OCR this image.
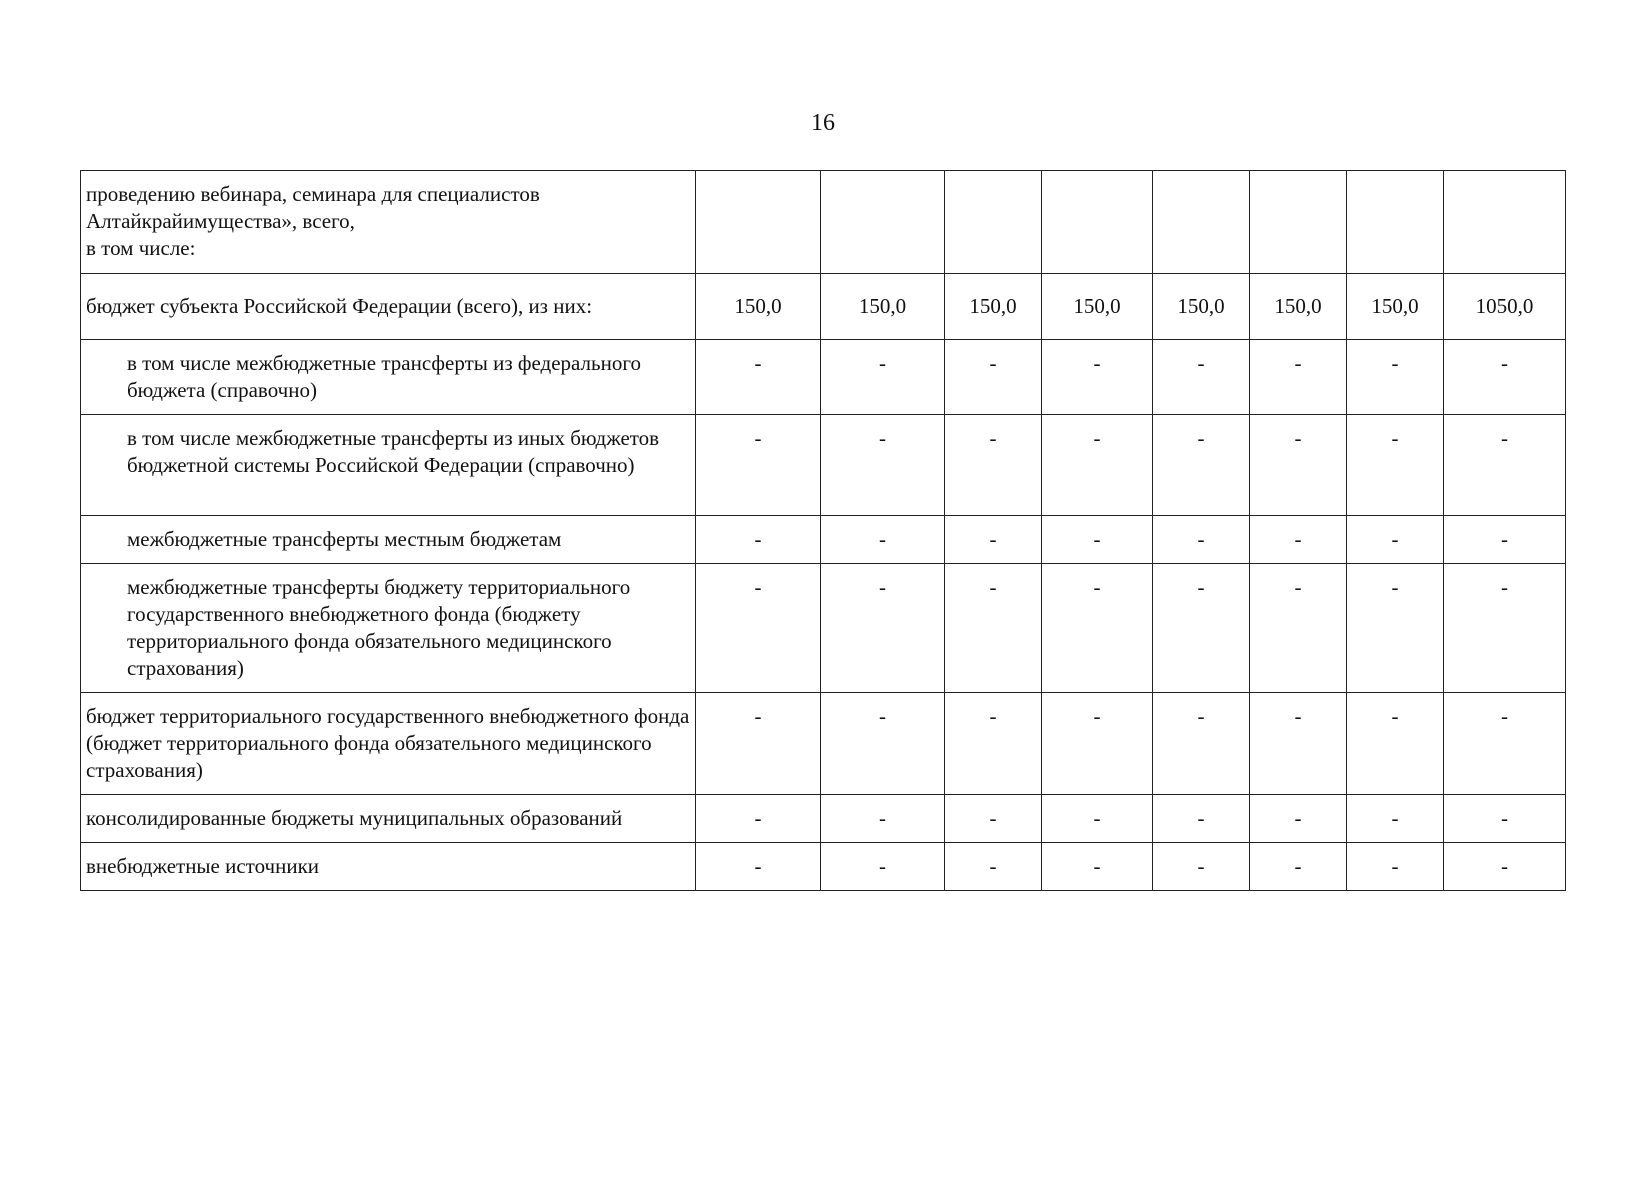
16
проведению вебинара, семинара для специалистов Алтайкрайимущества», всего,
в том числе:								
бюджет субъекта Российской Федерации (всего), из них:	150,0	150,0	150,0	150,0	150,0	150,0	150,0	1050,0
в том числе межбюджетные трансферты из федерального бюджета (справочно)	-	-	-	-	-	-	-	-
в том числе межбюджетные трансферты из иных бюджетов бюджетной системы Российской Федерации (справочно)	-	-	-	-	-	-	-	-
межбюджетные трансферты местным бюджетам	-	-	-	-	-	-	-	-
межбюджетные трансферты бюджету территориального государственного внебюджетного фонда (бюджету территориального фонда обязательного медицинского страхования)	-	-	-	-	-	-	-	-
бюджет территориального государственного внебюджетного фонда (бюджет территориального фонда обязательного медицинского страхования)	-	-	-	-	-	-	-	-
консолидированные бюджеты муниципальных образований	-	-	-	-	-	-	-	-
внебюджетные источники	-	-	-	-	-	-	-	-
